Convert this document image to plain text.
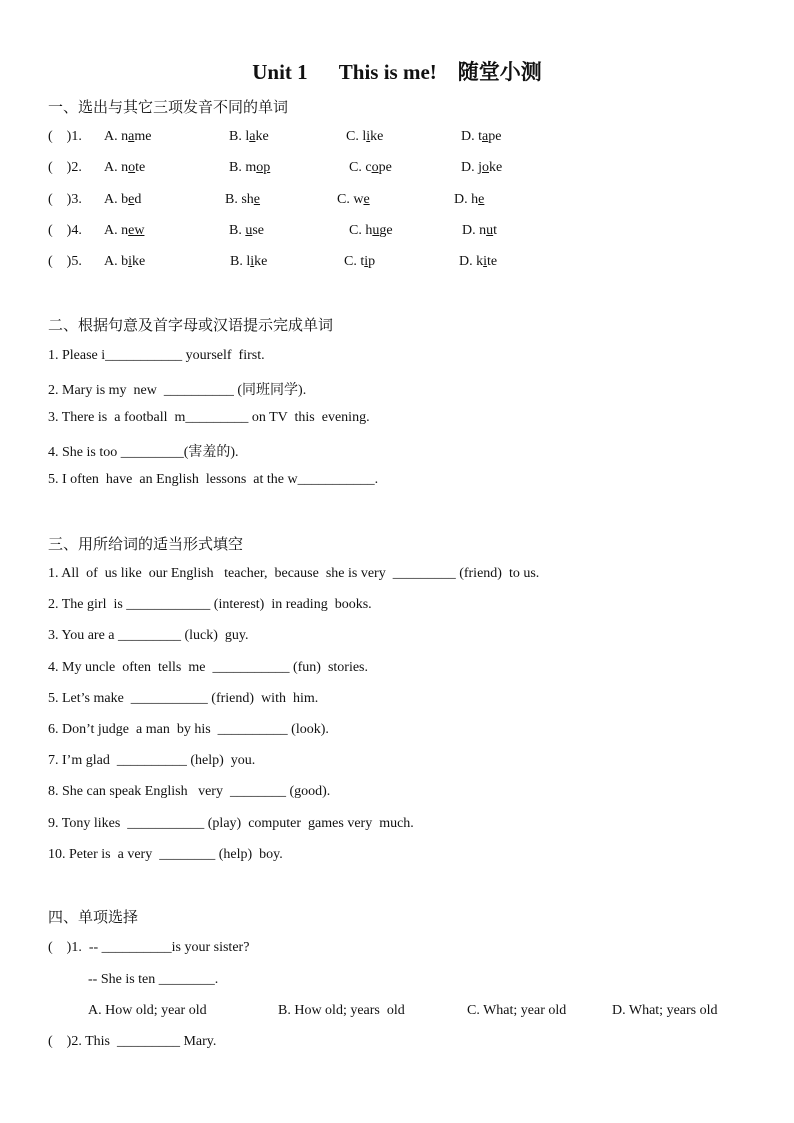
Unit 1      This is me!    随堂小测
一、选出与其它三项发音不同的单词
(    )1. A. name	B. lake	C. like	D. tape
(    )2. A. note	B. mop	C. cope	D. joke
(    )3. A. bed	B. she	C. we	D. he
(    )4. A. new	B. use	C. huge	D. nut
(    )5. A. bike	B. like	C. tip	D. kite
二、根据句意及首字母或汉语提示完成单词
1. Please i___________ yourself  first.
2. Mary is my  new  __________ (同班同学).
3. There is  a football  m_________ on TV  this  evening.
4. She is too _________(害羞的).
5. I often  have  an English  lessons  at the w___________.
三、用所给词的适当形式填空
1. All  of  us like  our English   teacher,  because  she is very  _________ (friend)  to us.
2. The girl  is ____________ (interest)  in reading  books.
3. You are a _________ (luck)  guy.
4. My uncle  often  tells  me  ___________ (fun)  stories.
5. Let’s make  ___________ (friend)  with  him.
6. Don’t judge  a man  by his  __________ (look).
7. I’m glad  __________ (help)  you.
8. She can speak English   very  ________ (good).
9. Tony likes  ___________ (play)  computer  games very  much.
10. Peter is  a very  ________ (help)  boy.
四、单项选择
(    )1.  -- __________is your sister?
-- She is ten ________.
A. How old; year old	B. How old; years  old	C. What; year old	D. What; years old
(    )2. This  _________ Mary.
